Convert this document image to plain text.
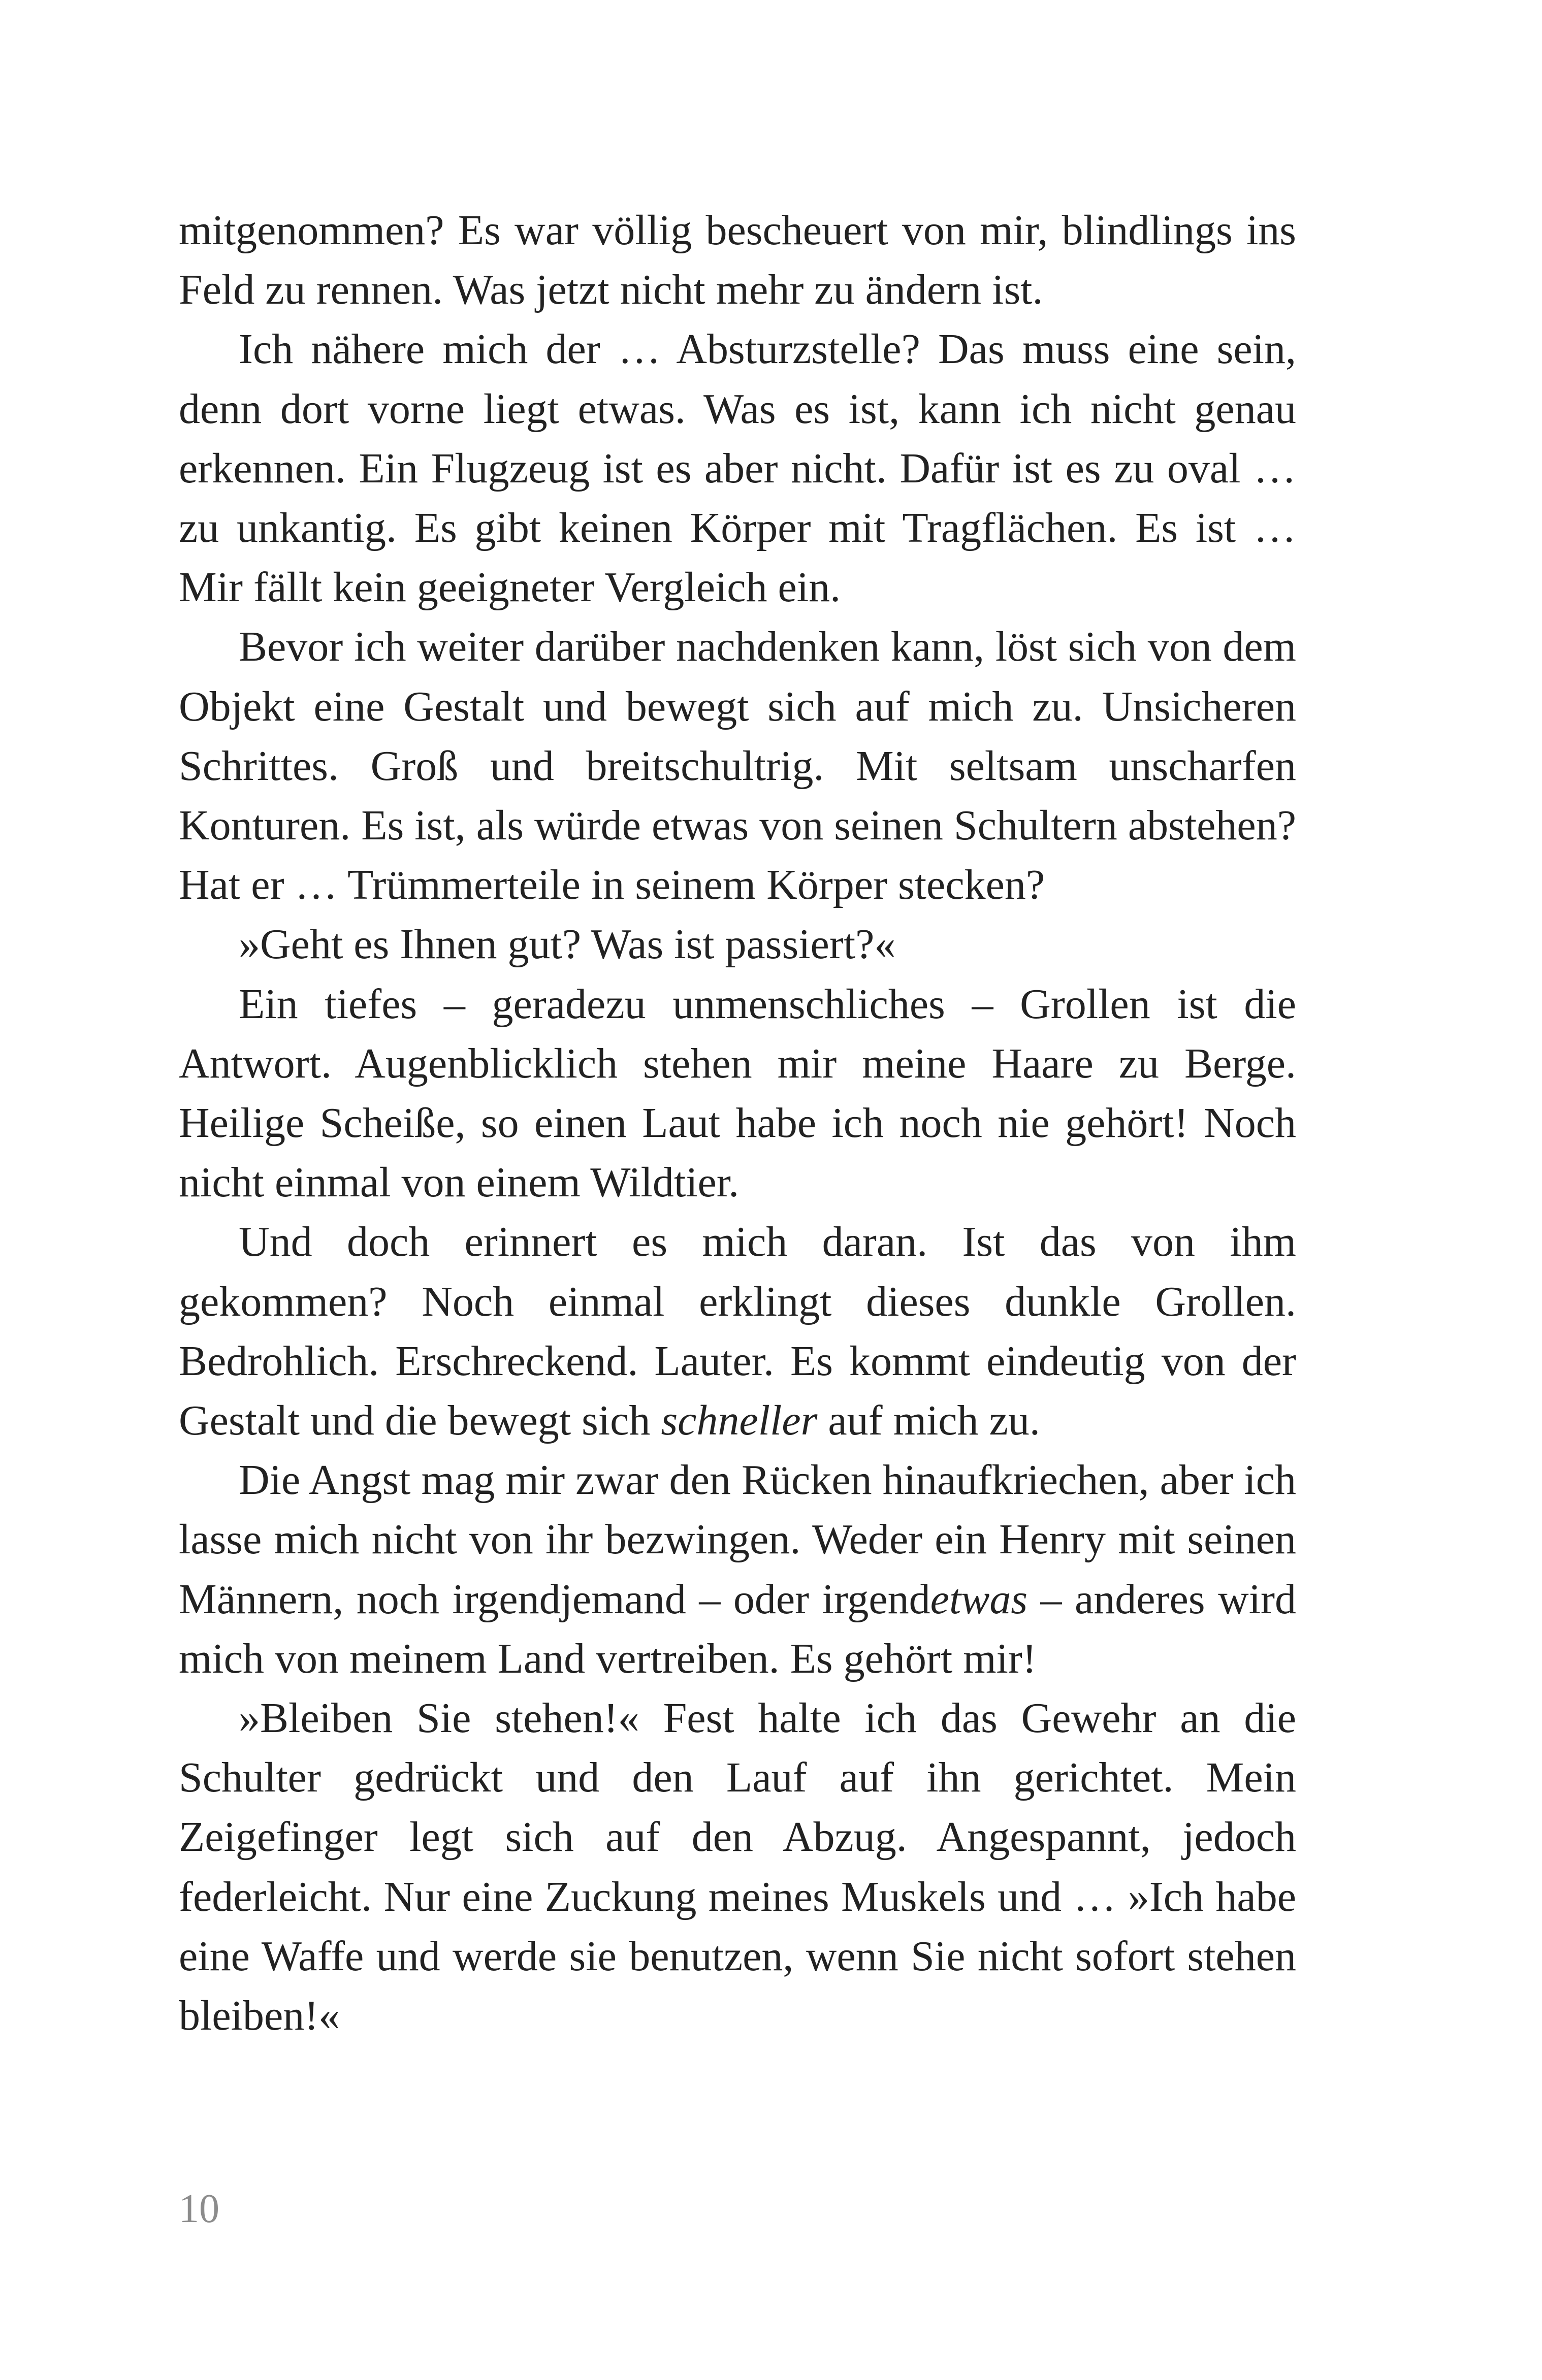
mitgenommen? Es war völlig bescheuert von mir, blindlings ins Feld zu rennen. Was jetzt nicht mehr zu ändern ist.

Ich nähere mich der … Absturzstelle? Das muss eine sein, denn dort vorne liegt etwas. Was es ist, kann ich nicht genau erkennen. Ein Flugzeug ist es aber nicht. Dafür ist es zu oval … zu unkantig. Es gibt keinen Körper mit Tragflächen. Es ist … Mir fällt kein geeigneter Vergleich ein.

Bevor ich weiter darüber nachdenken kann, löst sich von dem Objekt eine Gestalt und bewegt sich auf mich zu. Unsicheren Schrittes. Groß und breitschultrig. Mit seltsam unscharfen Konturen. Es ist, als würde etwas von seinen Schultern abstehen? Hat er … Trümmerteile in seinem Körper stecken?

»Geht es Ihnen gut? Was ist passiert?«

Ein tiefes – geradezu unmenschliches – Grollen ist die Antwort. Augenblicklich stehen mir meine Haare zu Berge. Heilige Scheiße, so einen Laut habe ich noch nie gehört! Noch nicht einmal von einem Wildtier.

Und doch erinnert es mich daran. Ist das von ihm gekommen? Noch einmal erklingt dieses dunkle Grollen. Bedrohlich. Erschreckend. Lauter. Es kommt eindeutig von der Gestalt und die bewegt sich schneller auf mich zu.

Die Angst mag mir zwar den Rücken hinaufkriechen, aber ich lasse mich nicht von ihr bezwingen. Weder ein Henry mit seinen Männern, noch irgendjemand – oder irgendetwas – anderes wird mich von meinem Land vertreiben. Es gehört mir!

»Bleiben Sie stehen!« Fest halte ich das Gewehr an die Schulter gedrückt und den Lauf auf ihn gerichtet. Mein Zeigefinger legt sich auf den Abzug. Angespannt, jedoch federleicht. Nur eine Zuckung meines Muskels und … »Ich habe eine Waffe und werde sie benutzen, wenn Sie nicht sofort stehen bleiben!«

10
